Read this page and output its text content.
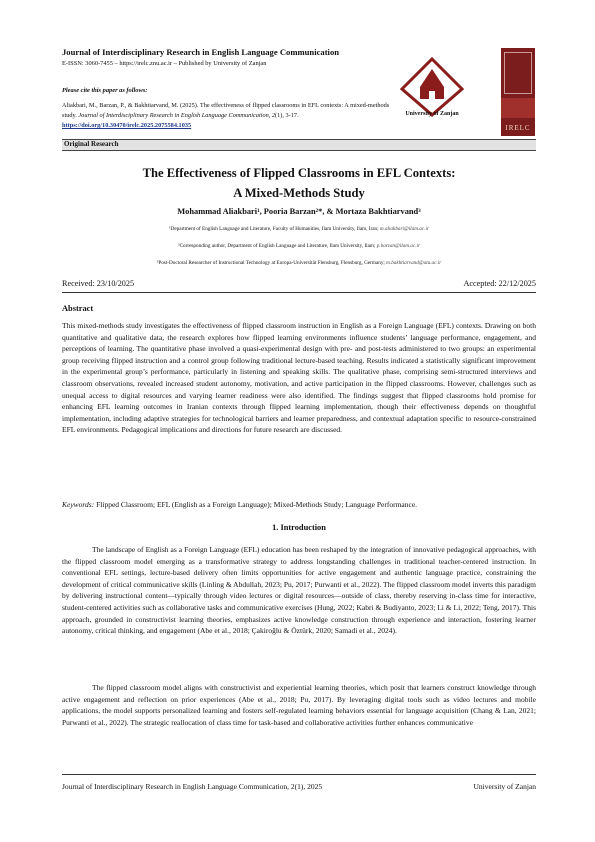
Journal of Interdisciplinary Research in English Language Communication
E-ISSN: 3060-7455 – https://irelc.znu.ac.ir – Published by University of Zanjan
Please cite this paper as follows:
Aliakbari, M., Barzan, P., & Bakhtiarvand, M. (2025). The effectiveness of flipped classrooms in EFL contexts: A mixed-methods study. Journal of Interdisciplinary Research in English Language Communication, 2(1), 3-17. https://doi.org/10.30470/irelc.2025.2075584.1035
University of Zanjan
IRELC
Original Research
The Effectiveness of Flipped Classrooms in EFL Contexts:
A Mixed-Methods Study
Mohammad Aliakbari¹, Pooria Barzan²*, & Mortaza Bakhtiarvand³
¹Department of English Language and Literature, Faculty of Humanities, Ilam University, Ilam, Iran; m.aliakbari@ilam.ac.ir
²Corresponding author, Department of English Language and Literature, Ilam University, Ilam; p.barzan@ilam.ac.ir
³Post-Doctoral Researcher of Instructional Technology at Europa-Universität Flensburg, Flensburg, Germany; m.bakhtiarvand@atu.ac.ir
Received: 23/10/2025	Accepted: 22/12/2025
Abstract
This mixed-methods study investigates the effectiveness of flipped classroom instruction in English as a Foreign Language (EFL) contexts. Drawing on both quantitative and qualitative data, the research explores how flipped learning environments influence students’ language performance, engagement, and perceptions of learning. The quantitative phase involved a quasi-experimental design with pre- and post-tests administered to two groups: an experimental group receiving flipped instruction and a control group following traditional lecture-based teaching. Results indicated a statistically significant improvement in the experimental group’s performance, particularly in listening and speaking skills. The qualitative phase, comprising semi-structured interviews and classroom observations, revealed increased student autonomy, motivation, and active participation in the flipped classrooms. However, challenges such as unequal access to digital resources and varying learner readiness were also identified. The findings suggest that flipped classrooms hold promise for enhancing EFL learning outcomes in Iranian contexts through flipped learning implementation, though their effectiveness depends on thoughtful implementation, including adaptive strategies for technological barriers and learner preparedness, and contextual adaptation specific to resource-constrained EFL environments. Pedagogical implications and directions for future research are discussed.
Keywords: Flipped Classroom; EFL (English as a Foreign Language); Mixed-Methods Study; Language Performance.
1. Introduction
The landscape of English as a Foreign Language (EFL) education has been reshaped by the integration of innovative pedagogical approaches, with the flipped classroom model emerging as a transformative strategy to address longstanding challenges in traditional teacher-centered instruction. In conventional EFL settings, lecture-based delivery often limits opportunities for active engagement and authentic language practice, constraining the development of critical communicative skills (Linling & Abdullah, 2023; Pu, 2017; Purwanti et al., 2022). The flipped classroom model inverts this paradigm by delivering instructional content—typically through video lectures or digital resources—outside of class, thereby reserving in-class time for interactive, student-centered activities such as collaborative tasks and communicative exercises (Hung, 2022; Kabri & Budiyanto, 2023; Li & Li, 2022; Teng, 2017). This approach, grounded in constructivist learning theories, emphasizes active knowledge construction through experience and interaction, fostering learner autonomy, critical thinking, and engagement (Abe et al., 2018; Çakiroğlu & Öztürk, 2020; Samadi et al., 2024).
The flipped classroom model aligns with constructivist and experiential learning theories, which posit that learners construct knowledge through active engagement and reflection on prior experiences (Abe et al., 2018; Pu, 2017). By leveraging digital tools such as video lectures and mobile applications, the model supports personalized learning and fosters self-regulated learning behaviors essential for language acquisition (Chang & Lan, 2021; Purwanti et al., 2022). The strategic reallocation of class time for task-based and collaborative activities further enhances communicative
Journal of Interdisciplinary Research in English Language Communication, 2(1), 2025	University of Zanjan
